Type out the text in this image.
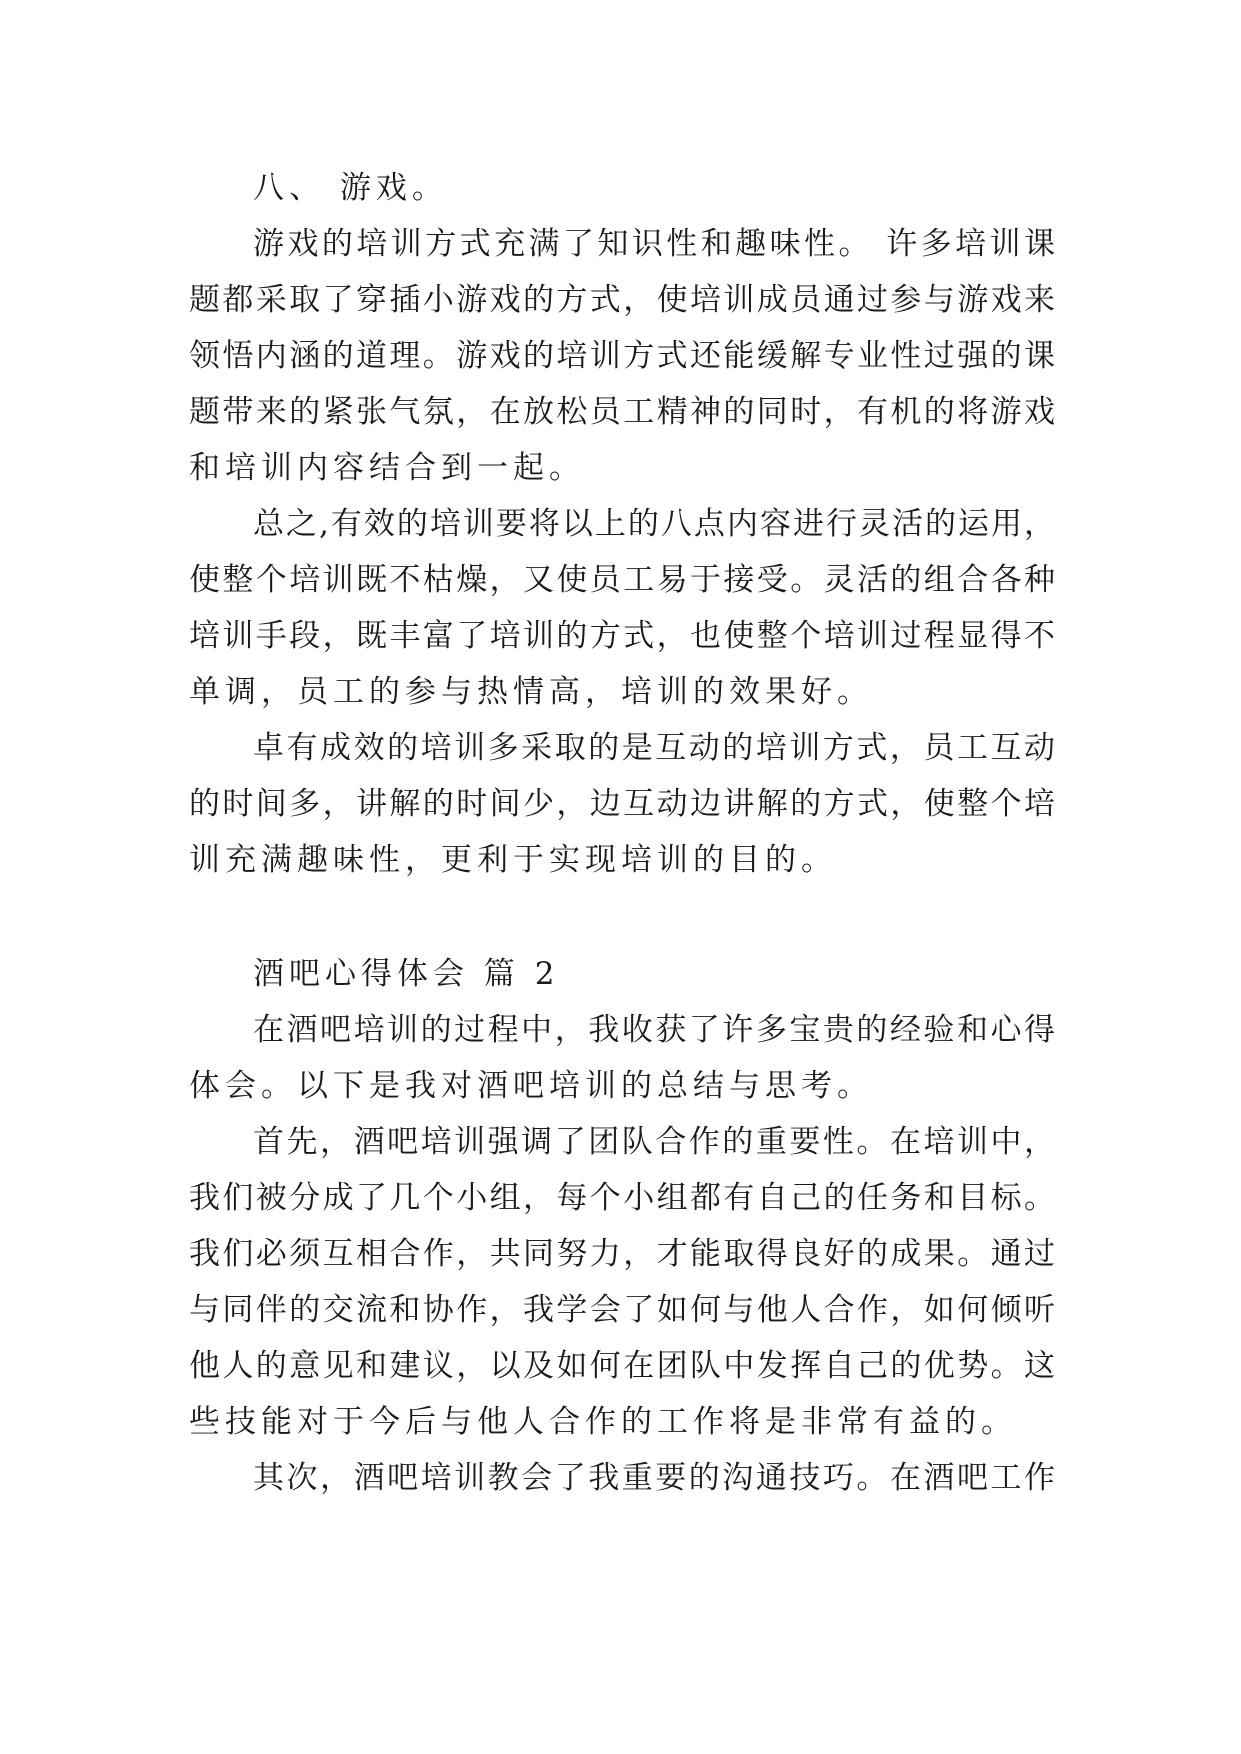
八、 游戏。
游戏的培训方式充满了知识性和趣味性。 许多培训课
题都采取了穿插小游戏的方式，使培训成员通过参与游戏来
领悟内涵的道理。游戏的培训方式还能缓解专业性过强的课
题带来的紧张气氛，在放松员工精神的同时，有机的将游戏
和培训内容结合到一起。
总之,有效的培训要将以上的八点内容进行灵活的运用，
使整个培训既不枯燥，又使员工易于接受。灵活的组合各种
培训手段，既丰富了培训的方式，也使整个培训过程显得不
单调，员工的参与热情高，培训的效果好。
卓有成效的培训多采取的是互动的培训方式，员工互动
的时间多，讲解的时间少，边互动边讲解的方式，使整个培
训充满趣味性，更利于实现培训的目的。
酒吧心得体会 篇 2
在酒吧培训的过程中，我收获了许多宝贵的经验和心得
体会。以下是我对酒吧培训的总结与思考。
首先，酒吧培训强调了团队合作的重要性。在培训中，
我们被分成了几个小组，每个小组都有自己的任务和目标。
我们必须互相合作，共同努力，才能取得良好的成果。通过
与同伴的交流和协作，我学会了如何与他人合作，如何倾听
他人的意见和建议，以及如何在团队中发挥自己的优势。这
些技能对于今后与他人合作的工作将是非常有益的。
其次，酒吧培训教会了我重要的沟通技巧。在酒吧工作
